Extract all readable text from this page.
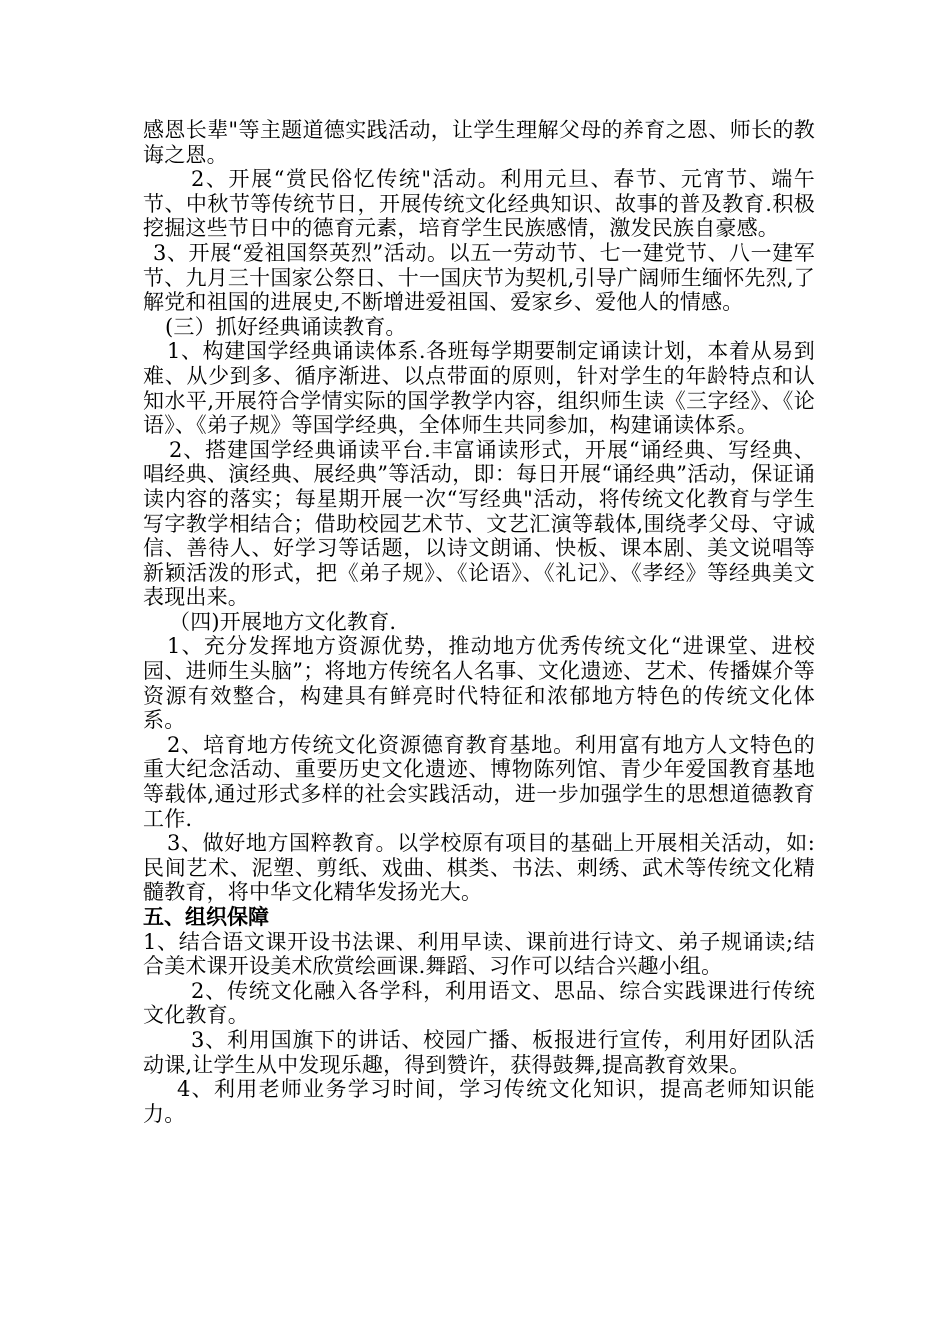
感恩长辈"等主题道德实践活动，让学生理解父母的养育之恩、师长的教诲之恩。

2、开展“赏民俗忆传统"活动。利用元旦、春节、元宵节、端午节、中秋节等传统节日，开展传统文化经典知识、故事的普及教育.积极挖掘这些节日中的德育元素，培育学生民族感情，激发民族自豪感。

3、开展“爱祖国祭英烈”活动。以五一劳动节、七一建党节、八一建军节、九月三十国家公祭日、十一国庆节为契机,引导广阔师生缅怀先烈,了解党和祖国的进展史,不断增进爱祖国、爱家乡、爱他人的情感。

(三）抓好经典诵读教育。

1、构建国学经典诵读体系.各班每学期要制定诵读计划，本着从易到难、从少到多、循序渐进、以点带面的原则，针对学生的年龄特点和认知水平,开展符合学情实际的国学教学内容，组织师生读《三字经》、《论语》、《弟子规》等国学经典，全体师生共同参加，构建诵读体系。

2、搭建国学经典诵读平台.丰富诵读形式，开展“诵经典、写经典、唱经典、演经典、展经典”等活动，即：每日开展“诵经典”活动，保证诵读内容的落实；每星期开展一次“写经典"活动，将传统文化教育与学生写字教学相结合；借助校园艺术节、文艺汇演等载体,围绕孝父母、守诚信、善待人、好学习等话题，以诗文朗诵、快板、课本剧、美文说唱等新颖活泼的形式，把《弟子规》、《论语》、《礼记》、《孝经》等经典美文表现出来。

（四)开展地方文化教育.

1、充分发挥地方资源优势，推动地方优秀传统文化“进课堂、进校园、进师生头脑”；将地方传统名人名事、文化遗迹、艺术、传播媒介等资源有效整合，构建具有鲜亮时代特征和浓郁地方特色的传统文化体系。

2、培育地方传统文化资源德育教育基地。利用富有地方人文特色的重大纪念活动、重要历史文化遗迹、博物陈列馆、青少年爱国教育基地等载体,通过形式多样的社会实践活动，进一步加强学生的思想道德教育工作.

3、做好地方国粹教育。以学校原有项目的基础上开展相关活动，如:民间艺术、泥塑、剪纸、戏曲、棋类、书法、刺绣、武术等传统文化精髓教育，将中华文化精华发扬光大。

五、组织保障

1、结合语文课开设书法课、利用早读、课前进行诗文、弟子规诵读;结合美术课开设美术欣赏绘画课.舞蹈、习作可以结合兴趣小组。

2、传统文化融入各学科，利用语文、思品、综合实践课进行传统文化教育。

3、利用国旗下的讲话、校园广播、板报进行宣传，利用好团队活动课,让学生从中发现乐趣，得到赞许，获得鼓舞,提高教育效果。

4、利用老师业务学习时间，学习传统文化知识，提高老师知识能力。
